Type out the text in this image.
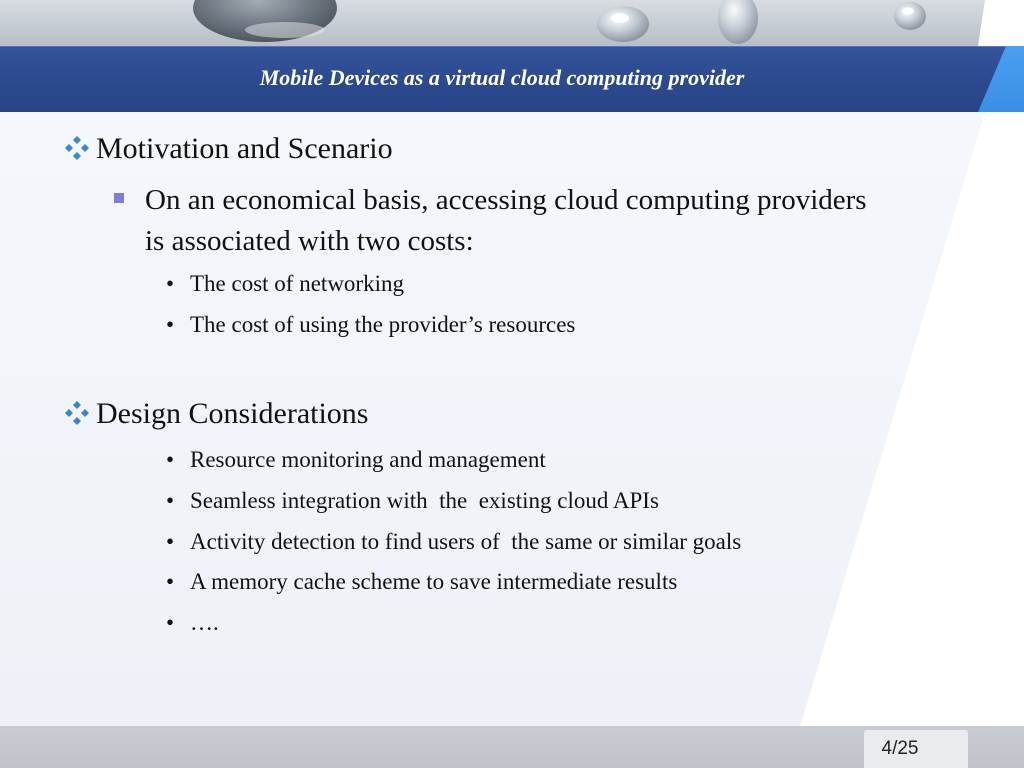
Mobile Devices as a virtual cloud computing provider
Motivation and Scenario
On an economical basis, accessing cloud computing providers is associated with two costs:
• The cost of networking
• The cost of using the provider’s resources
Design Considerations
• Resource monitoring and management
• Seamless integration with  the  existing cloud APIs
• Activity detection to find users of  the same or similar goals
• A memory cache scheme to save intermediate results
• ….
4/25
